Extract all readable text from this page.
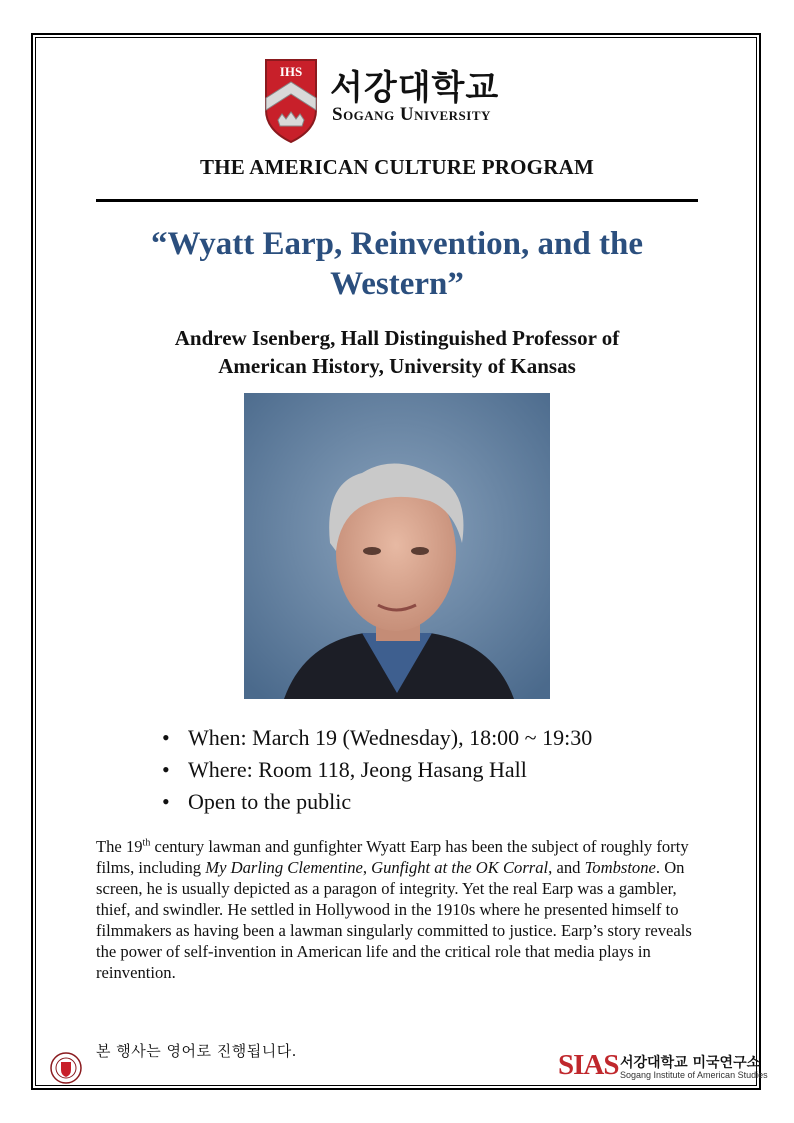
IHS 서강대학교
Sogang University
THE AMERICAN CULTURE PROGRAM
“Wyatt Earp, Reinvention, and the Western”
Andrew Isenberg, Hall Distinguished Professor of
American History, University of Kansas
• When: March 19 (Wednesday), 18:00 ~ 19:30
• Where: Room 118, Jeong Hasang Hall
• Open to the public

The 19th century lawman and gunfighter Wyatt Earp has been the subject of roughly forty films, including My Darling Clementine, Gunfight at the OK Corral, and Tombstone. On screen, he is usually depicted as a paragon of integrity. Yet the real Earp was a gambler, thief, and swindler. He settled in Hollywood in the 1910s where he presented himself to filmmakers as having been a lawman singularly committed to justice. Earp’s story reveals the power of self-invention in American life and the critical role that media plays in reinvention.

본 행사는 영어로 진행됩니다.	SIAS 서강대학교 미국연구소
Sogang Institute of American Studies
